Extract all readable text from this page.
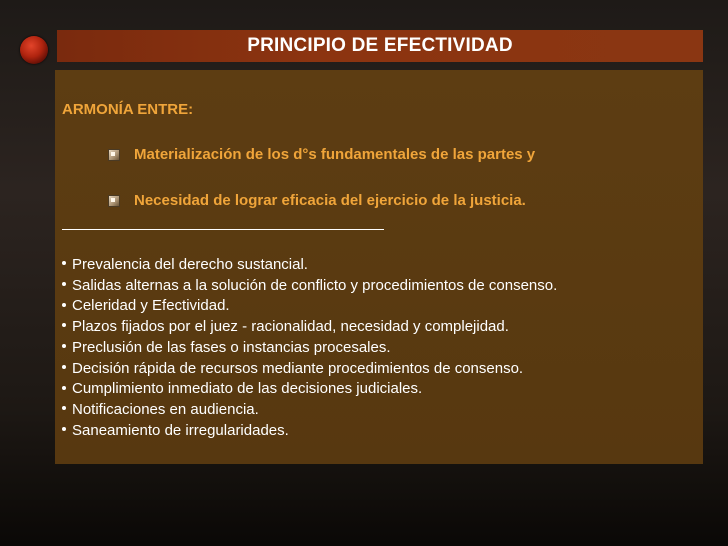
PRINCIPIO DE EFECTIVIDAD
ARMONÍA ENTRE:
Materialización de los d°s fundamentales de las partes y
Necesidad de lograr eficacia del ejercicio de la justicia.
Prevalencia del derecho sustancial.
Salidas alternas a la solución de conflicto y procedimientos de consenso.
Celeridad y Efectividad.
Plazos fijados por el juez - racionalidad, necesidad y complejidad.
Preclusión de las fases o instancias procesales.
Decisión rápida de recursos mediante procedimientos de consenso.
Cumplimiento inmediato de las decisiones judiciales.
Notificaciones en audiencia.
Saneamiento de irregularidades.
